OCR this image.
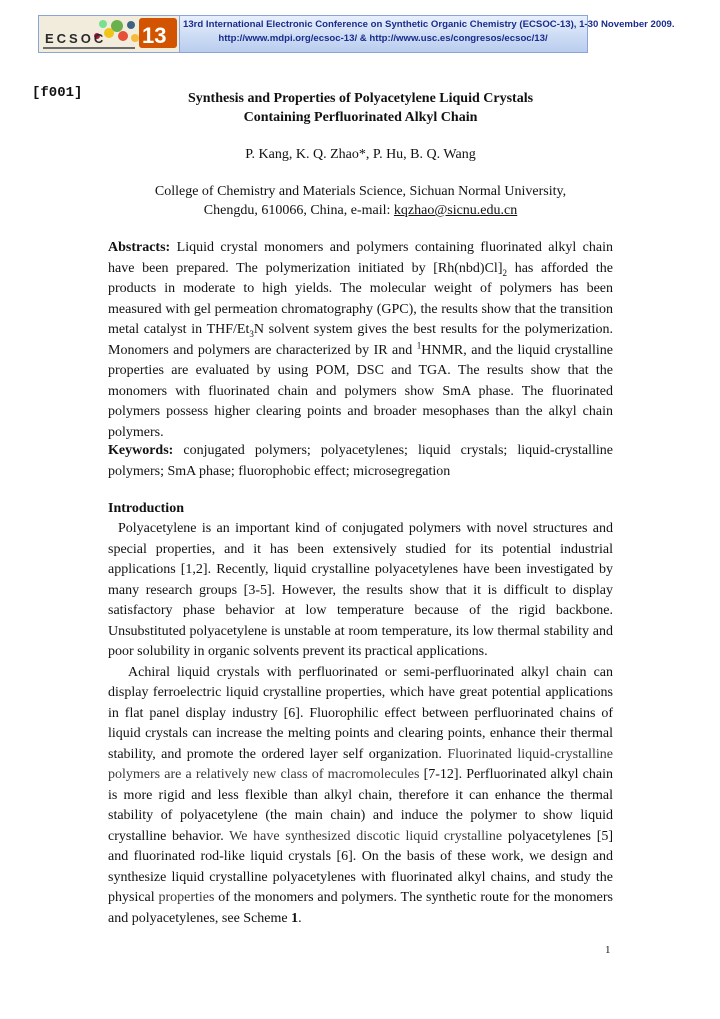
ECSOC 13 13rd International Electronic Conference on Synthetic Organic Chemistry (ECSOC-13), 1-30 November 2009.
http://www.mdpi.org/ecsoc-13/ & http://www.usc.es/congresos/ecsoc/13/
[f001]	Synthesis and Properties of Polyacetylene Liquid Crystals
Containing Perfluorinated Alkyl Chain
P. Kang, K. Q. Zhao*, P. Hu, B. Q. Wang
College of Chemistry and Materials Science, Sichuan Normal University,
Chengdu, 610066, China, e-mail: kqzhao@sicnu.edu.cn
Abstracts: Liquid crystal monomers and polymers containing fluorinated alkyl chain have been prepared. The polymerization initiated by $[Rh(nbd)Cl]_2$ has afforded the products in moderate to high yields. The molecular weight of polymers has been measured with gel permeation chromatography (GPC), the results show that the transition metal catalyst in THF/$Et_3N$ solvent system gives the best results for the polymerization. Monomers and polymers are characterized by IR and $^1$HNMR, and the liquid crystalline properties are evaluated by using POM, DSC and TGA. The results show that the monomers with fluorinated chain and polymers show SmA phase. The fluorinated polymers possess higher clearing points and broader mesophases than the alkyl chain polymers.
Keywords: conjugated polymers; polyacetylenes; liquid crystals; liquid-crystalline polymers; SmA phase; fluorophobic effect; microsegregation
Introduction

Polyacetylene is an important kind of conjugated polymers with novel structures and special properties, and it has been extensively studied for its potential industrial applications [1,2]. Recently, liquid crystalline polyacetylenes have been investigated by many research groups [3-5]. However, the results show that it is difficult to display satisfactory phase behavior at low temperature because of the rigid backbone. Unsubstituted polyacetylene is unstable at room temperature, its low thermal stability and poor solubility in organic solvents prevent its practical applications.

Achiral liquid crystals with perfluorinated or semi-perfluorinated alkyl chain can display ferroelectric liquid crystalline properties, which have great potential applications in flat panel display industry [6]. Fluorophilic effect between perfluorinated chains of liquid crystals can increase the melting points and clearing points, enhance their thermal stability, and promote the ordered layer self organization. Fluorinated liquid-crystalline polymers are a relatively new class of macromolecules [7-12]. Perfluorinated alkyl chain is more rigid and less flexible than alkyl chain, therefore it can enhance the thermal stability of polyacetylene (the main chain) and induce the polymer to show liquid crystalline behavior. We have synthesized discotic liquid crystalline polyacetylenes [5] and fluorinated rod-like liquid crystals [6]. On the basis of these work, we design and synthesize liquid crystalline polyacetylenes with fluorinated alkyl chains, and study the physical properties of the monomers and polymers. The synthetic route for the monomers and polyacetylenes, see Scheme 1.

1
